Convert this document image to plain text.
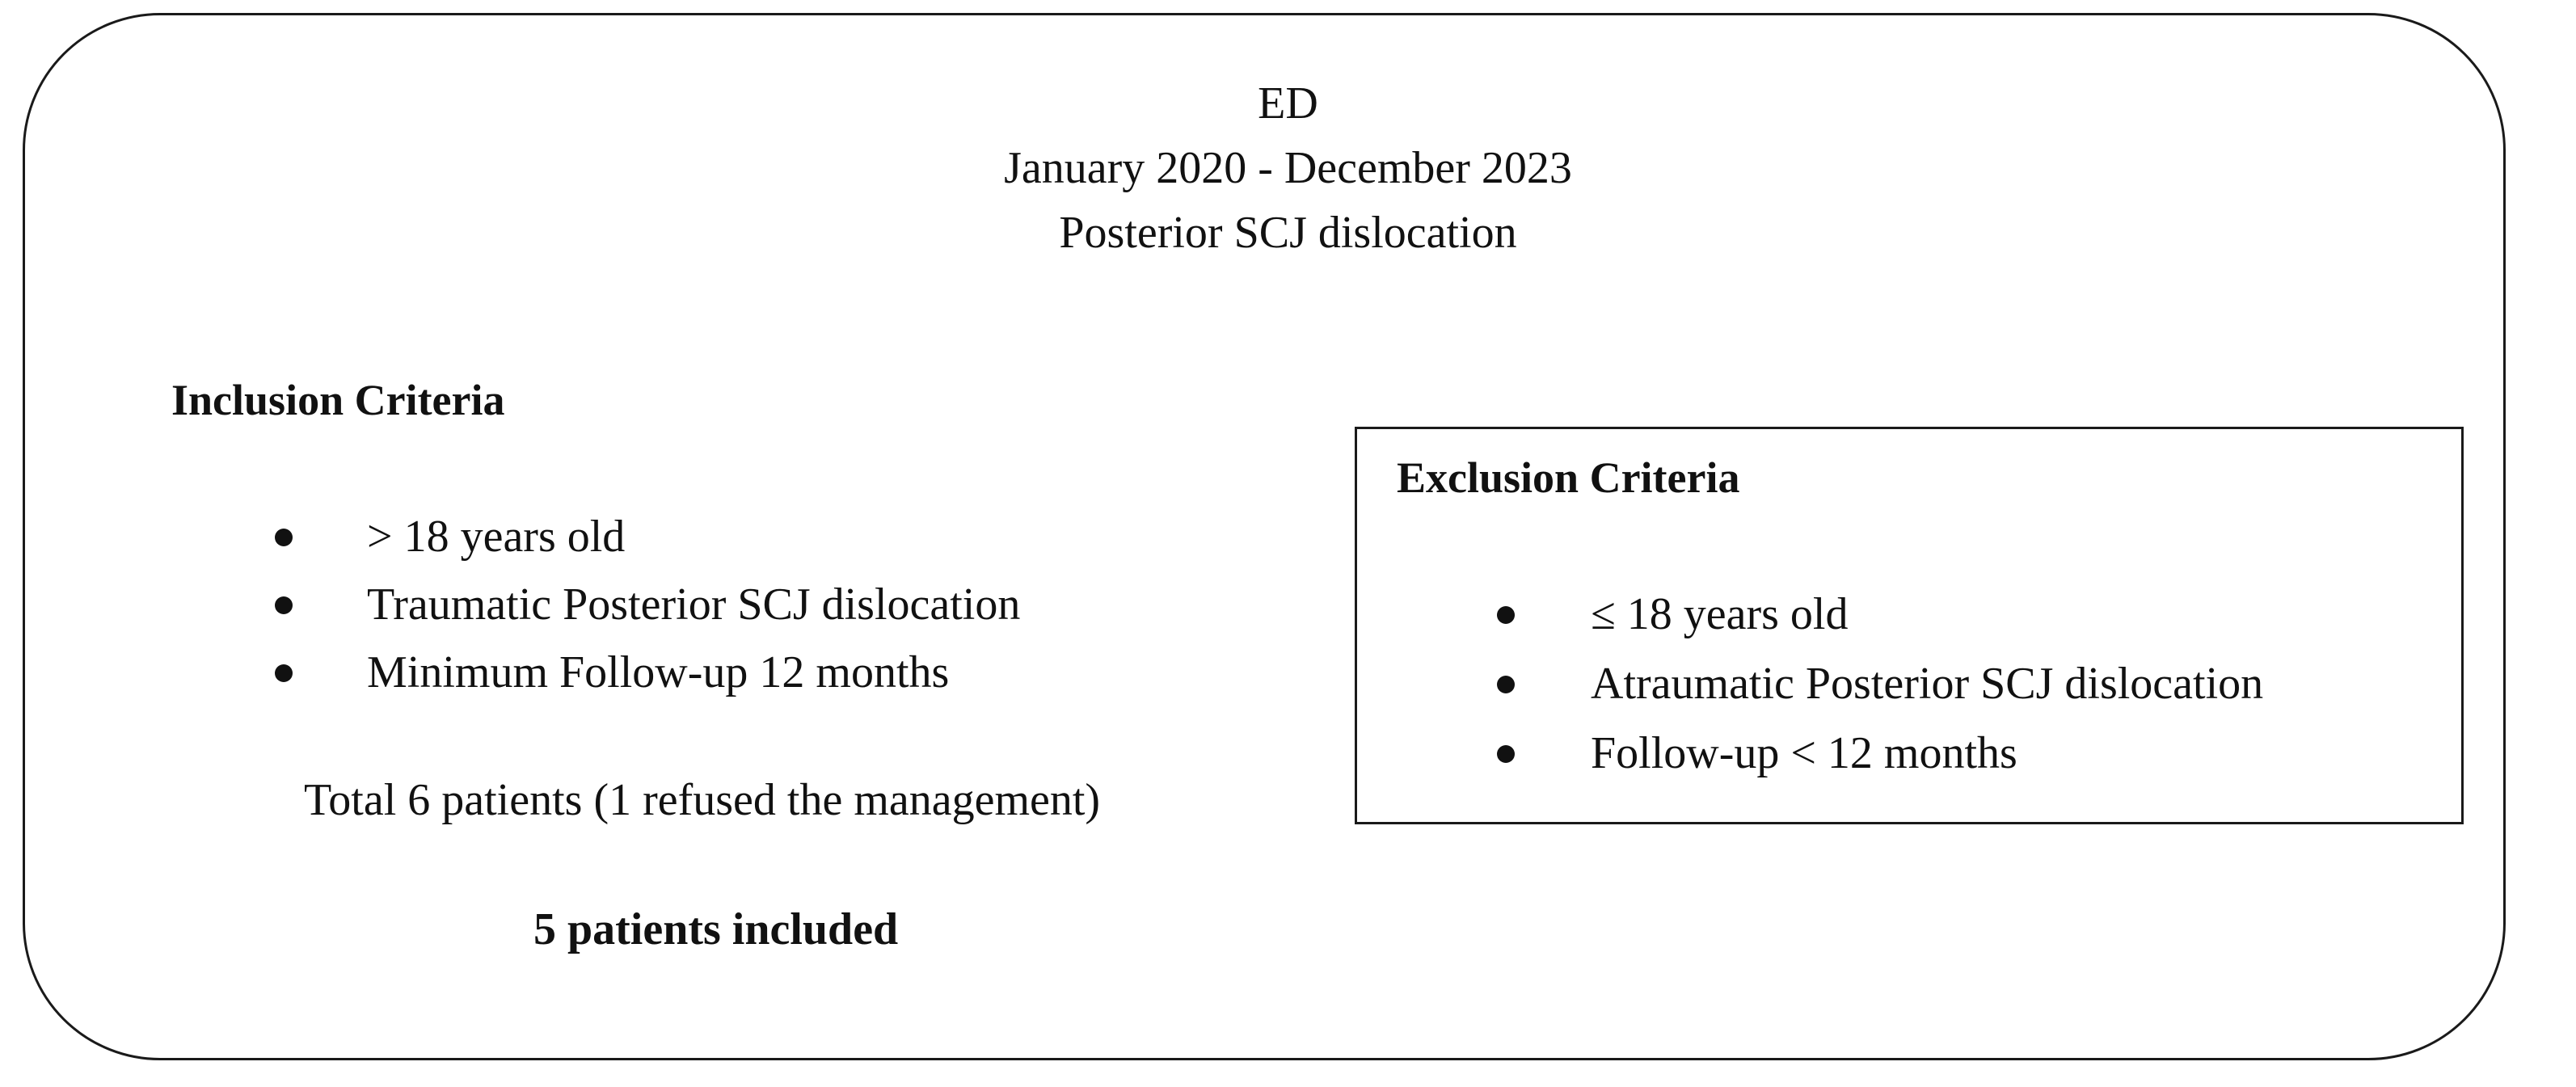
ED
January 2020 - December 2023
Posterior SCJ dislocation
Inclusion Criteria
> 18 years old
Traumatic Posterior SCJ dislocation
Minimum Follow-up 12 months
Total 6 patients (1 refused the management)
5 patients included
Exclusion Criteria
≤ 18 years old
Atraumatic Posterior SCJ dislocation
Follow-up < 12 months
